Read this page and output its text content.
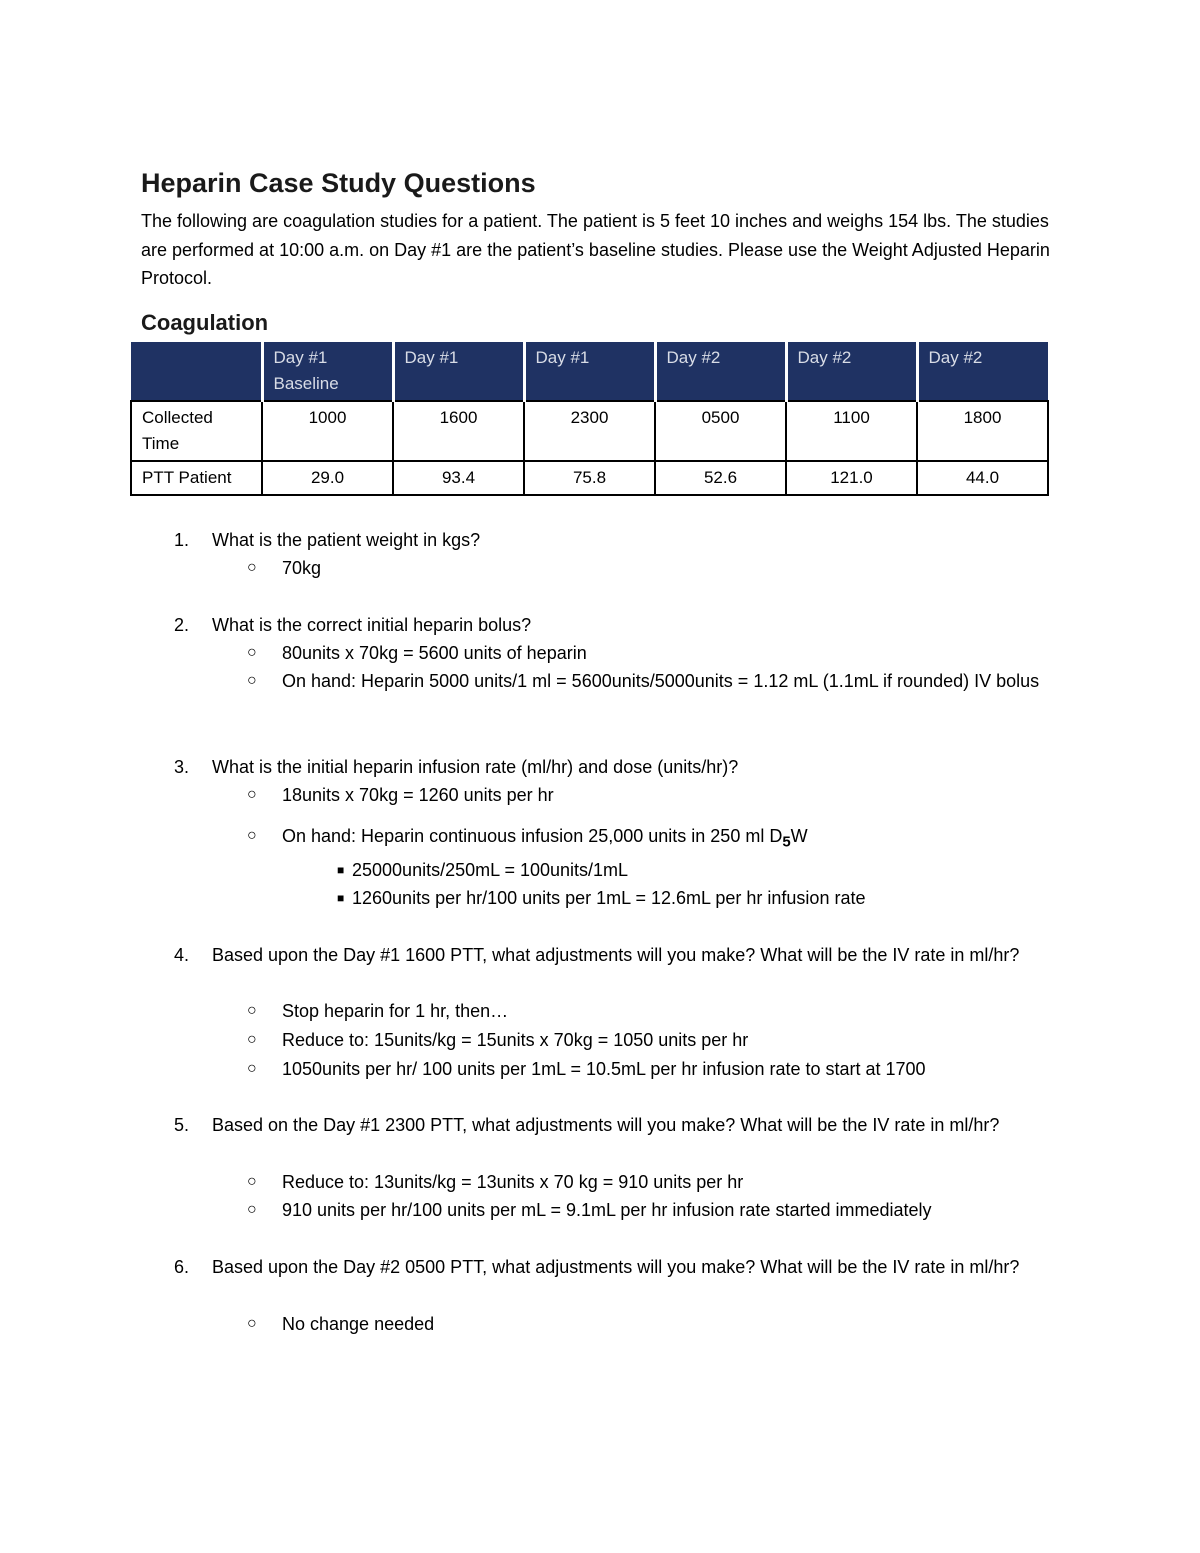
Heparin Case Study Questions

The following are coagulation studies for a patient. The patient is 5 feet 10 inches and weighs 154 lbs. The studies are performed at 10:00 a.m. on Day #1 are the patient’s baseline studies. Please use the Weight Adjusted Heparin Protocol.

Coagulation
	Day #1 Baseline	Day #1	Day #1	Day #2	Day #2	Day #2
Collected Time	1000	1600	2300	0500	1100	1800
PTT Patient	29.0	93.4	75.8	52.6	121.0	44.0
1. What is the patient weight in kgs?
○ 70kg
2. What is the correct initial heparin bolus?
○ 80units x 70kg = 5600 units of heparin
○ On hand: Heparin 5000 units/1 ml = 5600units/5000units = 1.12 mL (1.1mL if rounded) IV bolus
3. What is the initial heparin infusion rate (ml/hr) and dose (units/hr)?
○ 18units x 70kg = 1260 units per hr
○ On hand: Heparin continuous infusion 25,000 units in 250 ml $D_5W$
■ 25000units/250mL = 100units/1mL
■ 1260units per hr/100 units per 1mL = 12.6mL per hr infusion rate
4. Based upon the Day #1 1600 PTT, what adjustments will you make? What will be the IV rate in ml/hr?
○ Stop heparin for 1 hr, then…
○ Reduce to: 15units/kg = 15units x 70kg = 1050 units per hr
○ 1050units per hr/ 100 units per 1mL = 10.5mL per hr infusion rate to start at 1700
5. Based on the Day #1 2300 PTT, what adjustments will you make? What will be the IV rate in ml/hr?
○ Reduce to: 13units/kg = 13units x 70 kg = 910 units per hr
○ 910 units per hr/100 units per mL = 9.1mL per hr infusion rate started immediately
6. Based upon the Day #2 0500 PTT, what adjustments will you make? What will be the IV rate in ml/hr?
○ No change needed
